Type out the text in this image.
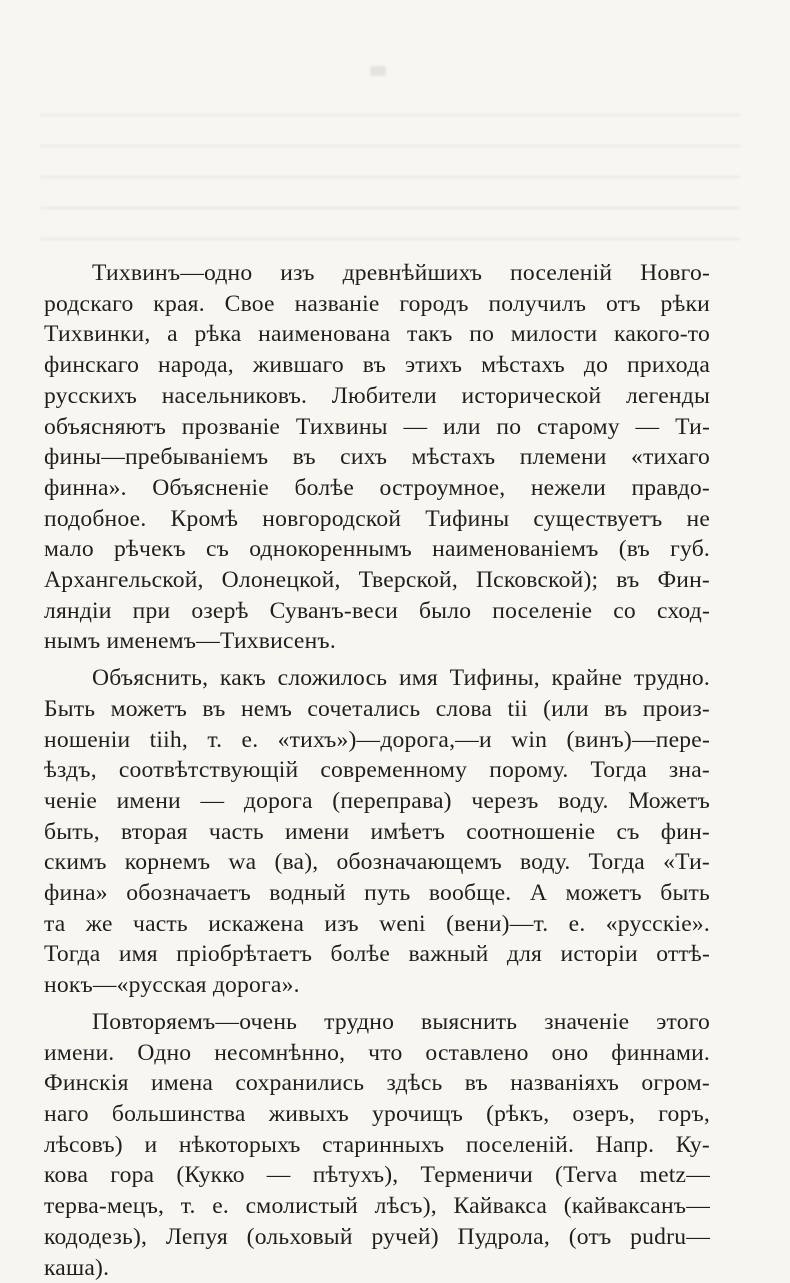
Тихвинъ—одно изъ древнѣйшихъ поселенiй Новго-
родскаго края. Свое названiе городъ получилъ отъ рѣки
Тихвинки, а рѣка наименована такъ по милости какого-то
финскаго народа, жившаго въ этихъ мѣстахъ до прихода
русскихъ насельниковъ. Любители исторической легенды
объясняютъ прозванiе Тихвины — или по старому — Ти-
фины—пребыванiемъ въ сихъ мѣстахъ племени «тихаго
финна». Объясненiе болѣе остроумное, нежели правдо-
подобное. Кромѣ новгородской Тифины существуетъ не
мало рѣчекъ съ однокореннымъ наименованiемъ (въ губ.
Архангельской, Олонецкой, Тверской, Псковской); въ Фин-
ляндiи при озерѣ Суванъ-веси было поселенiе со сход-
нымъ именемъ—Тихвисенъ.
Объяснить, какъ сложилось имя Тифины, крайне трудно.
Быть можетъ въ немъ сочетались слова tii (или въ произ-
ношенiи tiih, т. е. «тихъ»)—дорога,—и win (винъ)—пере-
ѣздъ, соотвѣтствующiй современному порому. Тогда зна-
ченiе имени — дорога (переправа) черезъ воду. Можетъ
быть, вторая часть имени имѣетъ соотношенiе съ фин-
скимъ корнемъ wa (ва), обозначающемъ воду. Тогда «Ти-
фина» обозначаетъ водный путь вообще. А можетъ быть
та же часть искажена изъ weni (вени)—т. е. «русскiе».
Тогда имя прiобрѣтаетъ болѣе важный для исторiи оттѣ-
нокъ—«русская дорога».
Повторяемъ—очень трудно выяснить значенiе этого
имени. Одно несомнѣнно, что оставлено оно финнами.
Финскiя имена сохранились здѣсь въ названiяхъ огром-
наго большинства живыхъ урочищъ (рѣкъ, озеръ, горъ,
лѣсовъ) и нѣкоторыхъ старинныхъ поселенiй. Напр. Ку-
кова гора (Кукко — пѣтухъ), Терменичи (Terva metz—
терва-мецъ, т. е. смолистый лѣсъ), Кайвакса (кайваксанъ—
кододезь), Лепуя (ольховый ручей) Пудрола, (отъ pudru—
каша).
